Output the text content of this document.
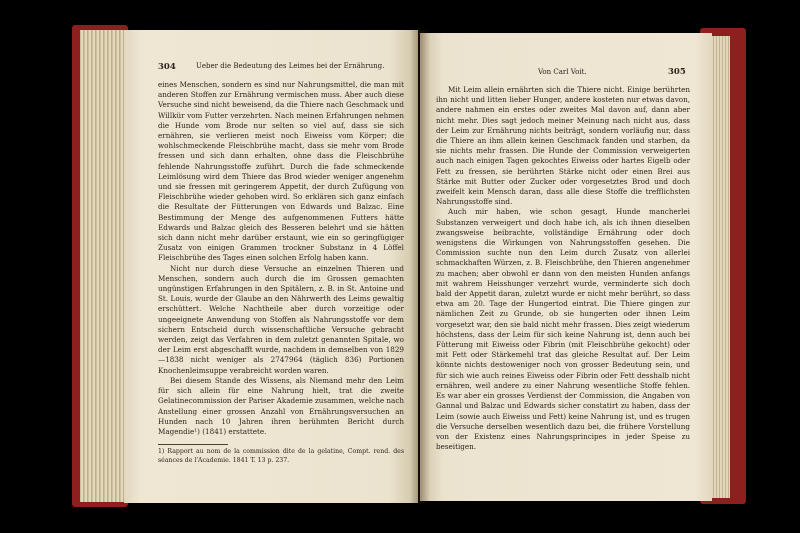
304	Ueber die Bedeutung des Leimes bei der Ernährung.

eines Menschen, sondern es sind nur Nahrungsmittel, die man mit anderen Stoffen zur Ernährung vermischen muss. Aber auch diese Versuche sind nicht beweisend, da die Thiere nach Geschmack und Willkür vom Futter verzehrten. Nach meinen Erfahrungen nehmen die Hunde vom Brode nur selten so viel auf, dass sie sich ernähren, sie verlieren meist noch Eiweiss vom Körper; die wohlschmeckende Fleischbrühe macht, dass sie mehr vom Brode fressen und sich dann erhalten, ohne dass die Fleischbrühe fehlende Nahrungsstoffe zuführt. Durch die fade schmeckende Leimlösung wird dem Thiere das Brod wieder weniger angenehm und sie fressen mit geringerem Appetit, der durch Zufügung von Fleischbrühe wieder gehoben wird. So erklären sich ganz einfach die Resultate der Fütterungen von Edwards und Balzac. Eine Bestimmung der Menge des aufgenommenen Futters hätte Edwards und Balzac gleich des Besseren belehrt und sie hätten sich dann nicht mehr darüber erstaunt, wie ein so geringfügiger Zusatz von einigen Grammen trockner Substanz in 4 Löffel Fleischbrühe des Tages einen solchen Erfolg haben kann.

Nicht nur durch diese Versuche an einzelnen Thieren und Menschen, sondern auch durch die im Grossen gemachten ungünstigen Erfahrungen in den Spitälern, z. B. in St. Antoine und St. Louis, wurde der Glaube an den Nährwerth des Leims gewaltig erschüttert. Welche Nachtheile aber durch vorzeitige oder ungeeignete Anwendung von Stoffen als Nahrungsstoffe vor dem sichern Entscheid durch wissenschaftliche Versuche gebracht werden, zeigt das Verfahren in dem zuletzt genannten Spitale, wo der Leim erst abgeschafft wurde, nachdem in demselben von 1829—1838 nicht weniger als 2747964 (täglich 836) Portionen Knochenleimsuppe verabreicht worden waren.

Bei diesem Stande des Wissens, als Niemand mehr den Leim für sich allein für eine Nahrung hielt, trat die zweite Gelatinecommission der Pariser Akademie zusammen, welche nach Anstellung einer grossen Anzahl von Ernährungsversuchen an Hunden nach 10 Jahren ihren berühmten Bericht durch Magendie¹) (1841) erstattete.

1) Rapport au nom de la commission dite de la gelatine, Compt. rend. des séances de l'Academie. 1841 T. 13 p. 237.
Von Carl Voit.	305

Mit Leim allein ernährten sich die Thiere nicht. Einige berührten ihn nicht und litten lieber Hunger, andere kosteten nur etwas davon, andere nahmen ein erstes oder zweites Mal davon auf, dann aber nicht mehr. Dies sagt jedoch meiner Meinung nach nicht aus, dass der Leim zur Ernährung nichts beiträgt, sondern vorläufig nur, dass die Thiere an ihm allein keinen Geschmack fanden und starben, da sie nichts mehr frassen. Die Hunde der Commission verweigerten auch nach einigen Tagen gekochtes Eiweiss oder hartes Eigelb oder Fett zu fressen, sie berührten Stärke nicht oder einen Brei aus Stärke mit Butter oder Zucker oder vorgesetztes Brod und doch zweifelt kein Mensch daran, dass alle diese Stoffe die trefflichsten Nahrungsstoffe sind.

Auch mir haben, wie schon gesagt, Hunde mancherlei Substanzen verweigert und doch habe ich, als ich ihnen dieselben zwangsweise beibrachte, vollständige Ernährung oder doch wenigstens die Wirkungen von Nahrungsstoffen gesehen. Die Commission suchte nun den Leim durch Zusatz von allerlei schmackhaften Würzen, z. B. Fleischbrühe, den Thieren angenehmer zu machen; aber obwohl er dann von den meisten Hunden anfangs mit wahrem Heisshunger verzehrt wurde, verminderte sich doch bald der Appetit daran, zuletzt wurde er nicht mehr berührt, so dass etwa am 20. Tage der Hungertod eintrat. Die Thiere gingen zur nämlichen Zeit zu Grunde, ob sie hungerten oder ihnen Leim vorgesetzt war, den sie bald nicht mehr frassen. Dies zeigt wiederum höchstens, dass der Leim für sich keine Nahrung ist, denn auch bei Fütterung mit Eiweiss oder Fibrin (mit Fleischbrühe gekocht) oder mit Fett oder Stärkemehl trat das gleiche Resultat auf. Der Leim könnte nichts destoweniger noch von grosser Bedeutung sein, und für sich wie auch reines Eiweiss oder Fibrin oder Fett desshalb nicht ernähren, weil andere zu einer Nahrung wesentliche Stoffe fehlen. Es war aber ein grosses Verdienst der Commission, die Angaben von Gannal und Balzac und Edwards sicher constatirt zu haben, dass der Leim (sowie auch Eiweiss und Fett) keine Nahrung ist, und es trugen die Versuche derselben wesentlich dazu bei, die frühere Vorstellung von der Existenz eines Nahrungsprincipes in jeder Speise zu beseitigen.
